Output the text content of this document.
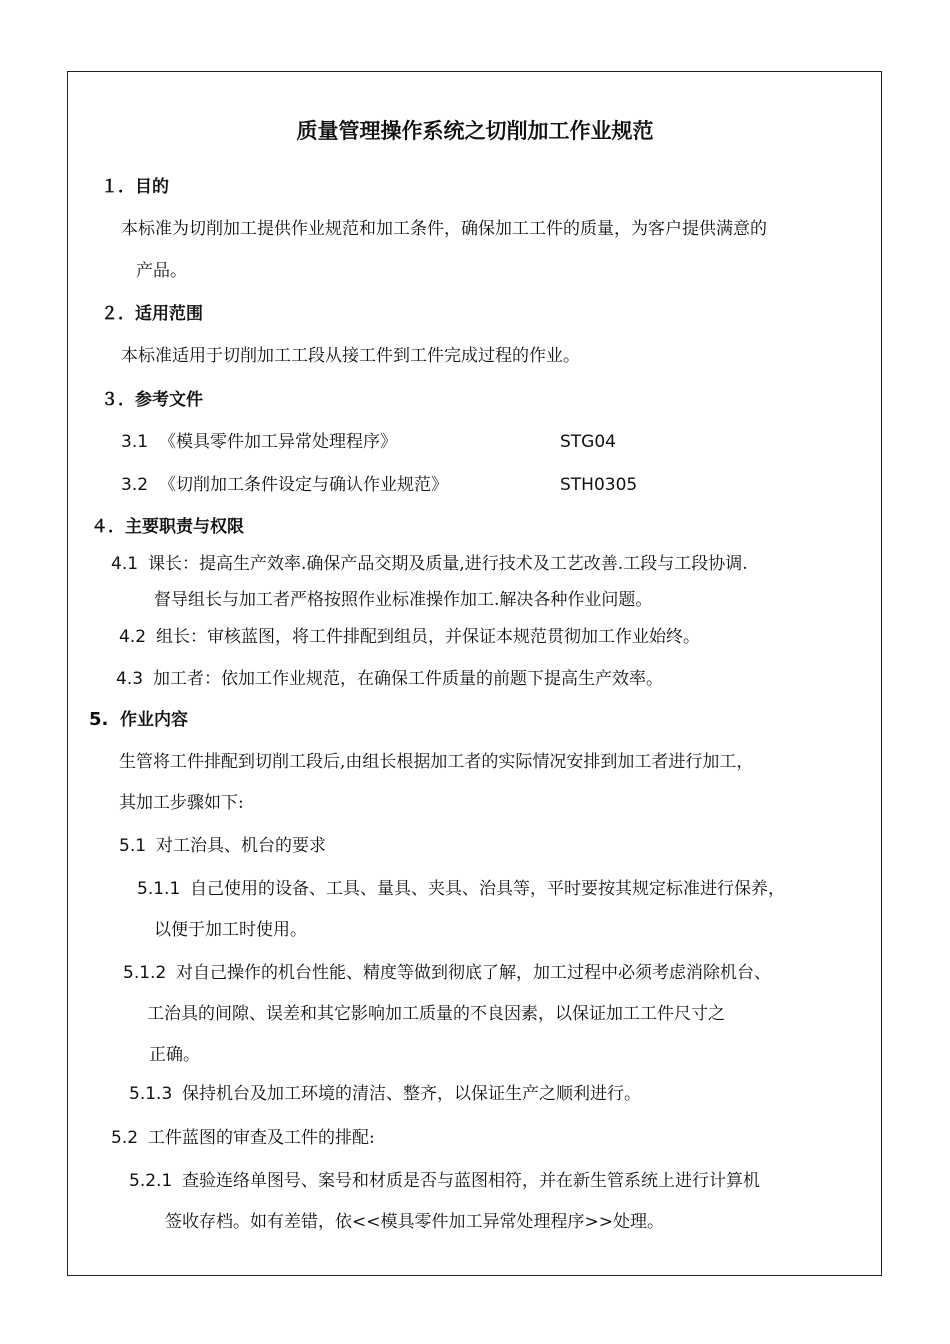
质量管理操作系统之切削加工作业规范
１．目的
本标准为切削加工提供作业规范和加工条件，确保加工工件的质量，为客户提供满意的
产品。
２．适用范围
本标准适用于切削加工工段从接工件到工件完成过程的作业。
３．参考文件
3.1 《模具零件加工异常处理程序》	STG04
3.2 《切削加工条件设定与确认作业规范》	STH0305
４．主要职责与权限
4.1 课长：提高生产效率.确保产品交期及质量,进行技术及工艺改善.工段与工段协调.
督导组长与加工者严格按照作业标准操作加工.解决各种作业问题。
4.2 组长：审核蓝图，将工件排配到组员，并保证本规范贯彻加工作业始终。
4.3 加工者：依加工作业规范，在确保工件质量的前题下提高生产效率。
5. 作业内容
生管将工件排配到切削工段后,由组长根据加工者的实际情况安排到加工者进行加工，
其加工步骤如下:
5.1 对工治具、机台的要求
5.1.1 自己使用的设备、工具、量具、夹具、治具等，平时要按其规定标准进行保养，
以便于加工时使用。
5.1.2 对自己操作的机台性能、精度等做到彻底了解，加工过程中必须考虑消除机台、
工治具的间隙、误差和其它影响加工质量的不良因素，以保证加工工件尺寸之
正确。
5.1.3 保持机台及加工环境的清洁、整齐，以保证生产之顺利进行。
5.2 工件蓝图的审查及工件的排配:
5.2.1 查验连络单图号、案号和材质是否与蓝图相符，并在新生管系统上进行计算机
签收存档。如有差错，依<<模具零件加工异常处理程序>>处理。
